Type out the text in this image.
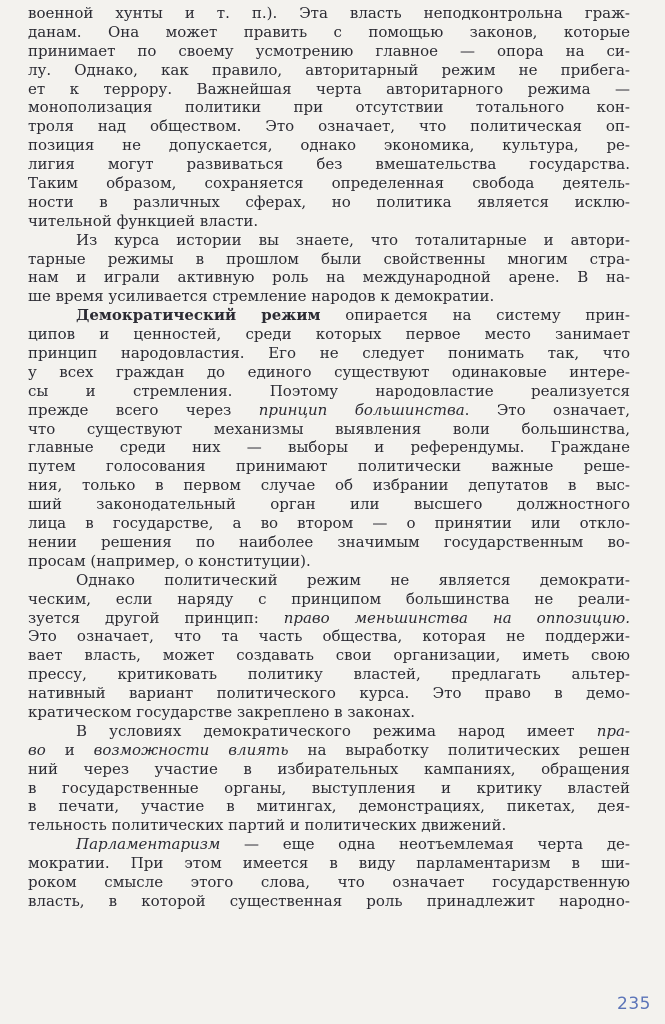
военной хунты и т. п.). Эта власть неподконтрольна граж-
данам. Она может править с помощью законов, которые
принимает по своему усмотрению главное — опора на си-
лу. Однако, как правило, авторитарный режим не прибега-
ет к террору. Важнейшая черта авторитарного режима —
монополизация политики при отсутствии тотального кон-
троля над обществом. Это означает, что политическая оп-
позиция не допускается, однако экономика, культура, ре-
лигия могут развиваться без вмешательства государства.
Таким образом, сохраняется определенная свобода деятель-
ности в различных сферах, но политика является исклю-
чительной функцией власти.
Из курса истории вы знаете, что тоталитарные и автори-
тарные режимы в прошлом были свойственны многим стра-
нам и играли активную роль на международной арене. В на-
ше время усиливается стремление народов к демократии.
Демократический режим опирается на систему прин-
ципов и ценностей, среди которых первое место занимает
принцип народовластия. Его не следует понимать так, что
у всех граждан до единого существуют одинаковые интере-
сы и стремления. Поэтому народовластие реализуется
прежде всего через принцип большинства. Это означает,
что существуют механизмы выявления воли большинства,
главные среди них — выборы и референдумы. Граждане
путем голосования принимают политически важные реше-
ния, только в первом случае об избрании депутатов в выс-
ший законодательный орган или высшего должностного
лица в государстве, а во втором — о принятии или откло-
нении решения по наиболее значимым государственным во-
просам (например, о конституции).
Однако политический режим не является демократи-
ческим, если наряду с принципом большинства не реали-
зуется другой принцип: право меньшинства на оппозицию.
Это означает, что та часть общества, которая не поддержи-
вает власть, может создавать свои организации, иметь свою
прессу, критиковать политику властей, предлагать альтер-
нативный вариант политического курса. Это право в демо-
кратическом государстве закреплено в законах.
В условиях демократического режима народ имеет пра-
во и возможности влиять на выработку политических решен
ний через участие в избирательных кампаниях, обращения
в государственные органы, выступления и критику властей
в печати, участие в митингах, демонстрациях, пикетах, дея-
тельность политических партий и политических движений.
Парламентаризм — еще одна неотъемлемая черта де-
мократии. При этом имеется в виду парламентаризм в ши-
роком смысле этого слова, что означает государственную
власть, в которой существенная роль принадлежит народно-
235
